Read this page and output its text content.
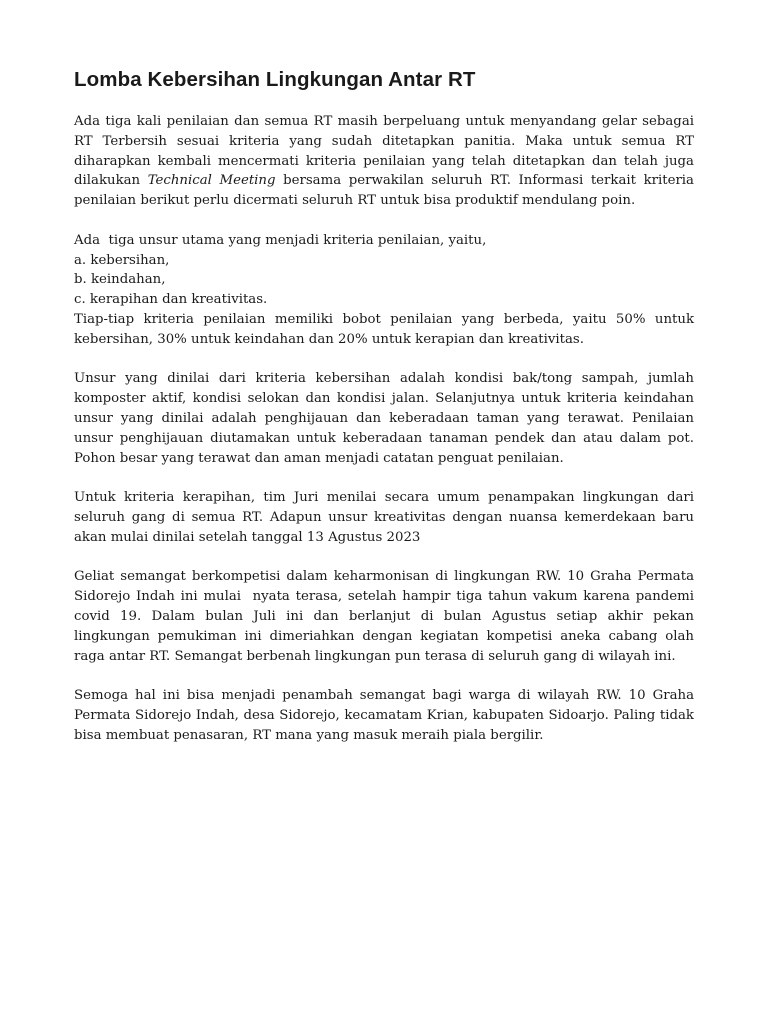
Lomba Kebersihan Lingkungan Antar RT

Ada tiga kali penilaian dan semua RT masih berpeluang untuk menyandang gelar sebagai RT Terbersih sesuai kriteria yang sudah ditetapkan panitia. Maka untuk semua RT diharapkan kembali mencermati kriteria penilaian yang telah ditetapkan dan telah juga dilakukan Technical Meeting bersama perwakilan seluruh RT. Informasi terkait kriteria penilaian berikut perlu dicermati seluruh RT untuk bisa produktif mendulang poin.

Ada  tiga unsur utama yang menjadi kriteria penilaian, yaitu,

a. kebersihan,

b. keindahan,

c. kerapihan dan kreativitas.

Tiap-tiap kriteria penilaian memiliki bobot penilaian yang berbeda, yaitu 50% untuk kebersihan, 30% untuk keindahan dan 20% untuk kerapian dan kreativitas.

Unsur yang dinilai dari kriteria kebersihan adalah kondisi bak/tong sampah, jumlah komposter aktif, kondisi selokan dan kondisi jalan. Selanjutnya untuk kriteria keindahan unsur yang dinilai adalah penghijauan dan keberadaan taman yang terawat. Penilaian unsur penghijauan diutamakan untuk keberadaan tanaman pendek dan atau dalam pot. Pohon besar yang terawat dan aman menjadi catatan penguat penilaian.

Untuk kriteria kerapihan, tim Juri menilai secara umum penampakan lingkungan dari seluruh gang di semua RT. Adapun unsur kreativitas dengan nuansa kemerdekaan baru akan mulai dinilai setelah tanggal 13 Agustus 2023

Geliat semangat berkompetisi dalam keharmonisan di lingkungan RW. 10 Graha Permata Sidorejo Indah ini mulai  nyata terasa, setelah hampir tiga tahun vakum karena pandemi covid 19. Dalam bulan Juli ini dan berlanjut di bulan Agustus setiap akhir pekan lingkungan pemukiman ini dimeriahkan dengan kegiatan kompetisi aneka cabang olah raga antar RT. Semangat berbenah lingkungan pun terasa di seluruh gang di wilayah ini.

Semoga hal ini bisa menjadi penambah semangat bagi warga di wilayah RW. 10 Graha Permata Sidorejo Indah, desa Sidorejo, kecamatam Krian, kabupaten Sidoarjo. Paling tidak bisa membuat penasaran, RT mana yang masuk meraih piala bergilir.
